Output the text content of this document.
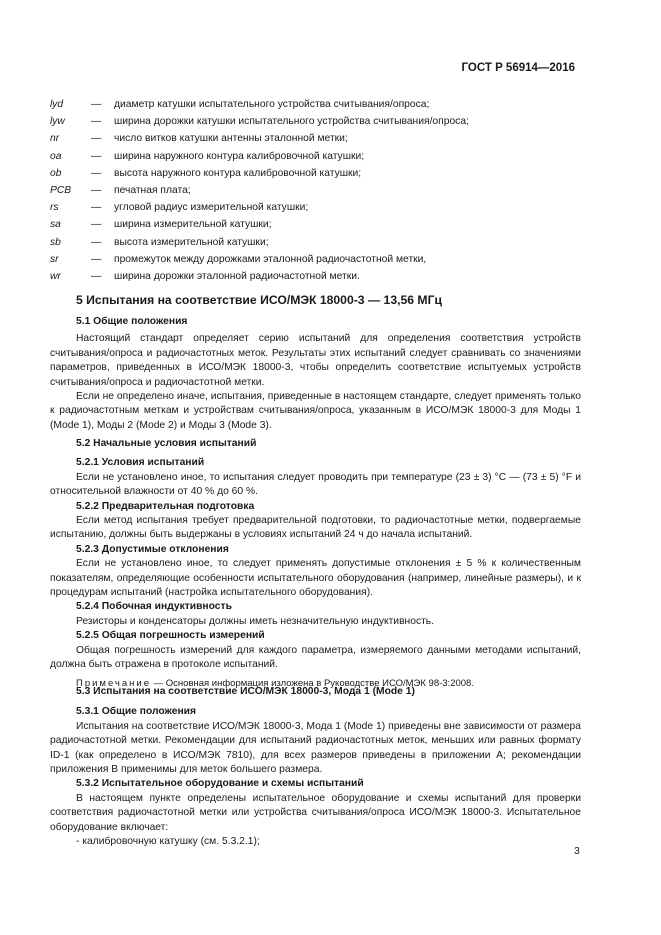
ГОСТ Р 56914—2016
lyd	— диаметр катушки испытательного устройства считывания/опроса;
lyw	— ширина дорожки катушки испытательного устройства считывания/опроса;
nr	— число витков катушки антенны эталонной метки;
oa	— ширина наружного контура калибровочной катушки;
ob	— высота наружного контура калибровочной катушки;
PCB — печатная плата;
rs	— угловой радиус измерительной катушки;
sa	— ширина измерительной катушки;
sb	— высота измерительной катушки;
sr	— промежуток между дорожками эталонной радиочастотной метки,
wr	— ширина дорожки эталонной радиочастотной метки.
5 Испытания на соответствие ИСО/МЭК 18000-3 — 13,56 МГц

5.1 Общие положения

Настоящий стандарт определяет серию испытаний для определения соответствия устройств считывания/опроса и радиочастотных меток. Результаты этих испытаний следует сравнивать со значениями параметров, приведенных в ИСО/МЭК 18000-3, чтобы определить соответствие испытуемых устройств считывания/опроса и радиочастотной метки.

Если не определено иначе, испытания, приведенные в настоящем стандарте, следует применять только к радиочастотным меткам и устройствам считывания/опроса, указанным в ИСО/МЭК 18000-3 для Моды 1 (Mode 1), Моды 2 (Mode 2) и Моды 3 (Mode 3).

5.2 Начальные условия испытаний

5.2.1 Условия испытаний

Если не установлено иное, то испытания следует проводить при температуре (23 ± 3) °С — (73 ± 5) °F и относительной влажности от 40 % до 60 %.

5.2.2 Предварительная подготовка

Если метод испытания требует предварительной подготовки, то радиочастотные метки, подвергаемые испытанию, должны быть выдержаны в условиях испытаний 24 ч до начала испытаний.

5.2.3 Допустимые отклонения

Если не установлено иное, то следует применять допустимые отклонения ± 5 % к количественным показателям, определяющие особенности испытательного оборудования (например, линейные размеры), и к процедурам испытаний (настройка испытательного оборудования).

5.2.4 Побочная индуктивность

Резисторы и конденсаторы должны иметь незначительную индуктивность.

5.2.5 Общая погрешность измерений

Общая погрешность измерений для каждого параметра, измеряемого данными методами испытаний, должна быть отражена в протоколе испытаний.

Примечание — Основная информация изложена в Руководстве ИСО/МЭК 98-3:2008.

5.3 Испытания на соответствие ИСО/МЭК 18000-3, Мода 1 (Mode 1)

5.3.1 Общие положения

Испытания на соответствие ИСО/МЭК 18000-3, Мода 1 (Mode 1) приведены вне зависимости от размера радиочастотной метки. Рекомендации для испытаний радиочастотных меток, меньших или равных формату ID-1 (как определено в ИСО/МЭК 7810), для всех размеров приведены в приложении А; рекомендации приложения В применимы для меток большего размера.

5.3.2 Испытательное оборудование и схемы испытаний

В настоящем пункте определены испытательное оборудование и схемы испытаний для проверки соответствия радиочастотной метки или устройства считывания/опроса ИСО/МЭК 18000-3. Испытательное оборудование включает:

- калибровочную катушку (см. 5.3.2.1);

3
